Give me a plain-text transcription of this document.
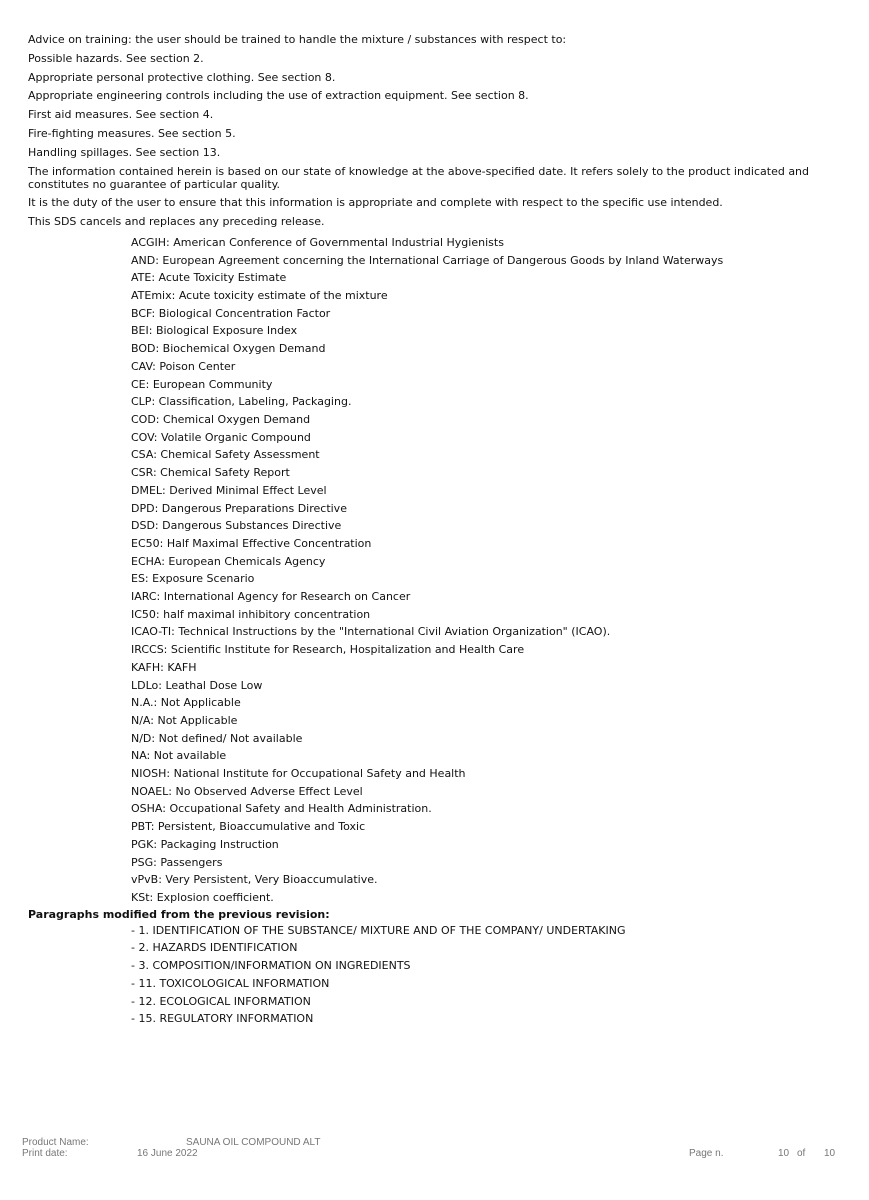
Advice on training: the user should be trained to handle the mixture / substances with respect to:
Possible hazards. See section 2.
Appropriate personal protective clothing. See section 8.
Appropriate engineering controls including the use of extraction equipment. See section 8.
First aid measures. See section 4.
Fire-fighting measures. See section 5.
Handling spillages. See section 13.
The information contained herein is based on our state of knowledge at the above-specified date. It refers solely to the product indicated and constitutes no guarantee of particular quality.
It is the duty of the user to ensure that this information is appropriate and complete with respect to the specific use intended.
This SDS cancels and replaces any preceding release.
ACGIH: American Conference of Governmental Industrial Hygienists
AND: European Agreement concerning the International Carriage of Dangerous Goods by Inland Waterways
ATE: Acute Toxicity Estimate
ATEmix: Acute toxicity estimate of the mixture
BCF: Biological Concentration Factor
BEI: Biological Exposure Index
BOD: Biochemical Oxygen Demand
CAV: Poison Center
CE: European Community
CLP: Classification, Labeling, Packaging.
COD: Chemical Oxygen Demand
COV: Volatile Organic Compound
CSA: Chemical Safety Assessment
CSR: Chemical Safety Report
DMEL: Derived Minimal Effect Level
DPD: Dangerous Preparations Directive
DSD: Dangerous Substances Directive
EC50: Half Maximal Effective Concentration
ECHA: European Chemicals Agency
ES: Exposure Scenario
IARC: International Agency for Research on Cancer
IC50: half maximal inhibitory concentration
ICAO-TI: Technical Instructions by the "International Civil Aviation Organization" (ICAO).
IRCCS: Scientific Institute for Research, Hospitalization and Health Care
KAFH: KAFH
LDLo: Leathal Dose Low
N.A.: Not Applicable
N/A: Not Applicable
N/D: Not defined/ Not available
NA: Not available
NIOSH: National Institute for Occupational Safety and Health
NOAEL: No Observed Adverse Effect Level
OSHA: Occupational Safety and Health Administration.
PBT: Persistent, Bioaccumulative and Toxic
PGK: Packaging Instruction
PSG: Passengers
vPvB: Very Persistent, Very Bioaccumulative.
KSt: Explosion coefficient.
Paragraphs modified from the previous revision:
- 1. IDENTIFICATION OF THE SUBSTANCE/ MIXTURE AND OF THE COMPANY/ UNDERTAKING
- 2. HAZARDS IDENTIFICATION
- 3. COMPOSITION/INFORMATION ON INGREDIENTS
- 11. TOXICOLOGICAL INFORMATION
- 12. ECOLOGICAL INFORMATION
- 15. REGULATORY INFORMATION
Product Name:	SAUNA OIL COMPOUND ALT
Print date:	16 June 2022	Page n.	10 of 10
